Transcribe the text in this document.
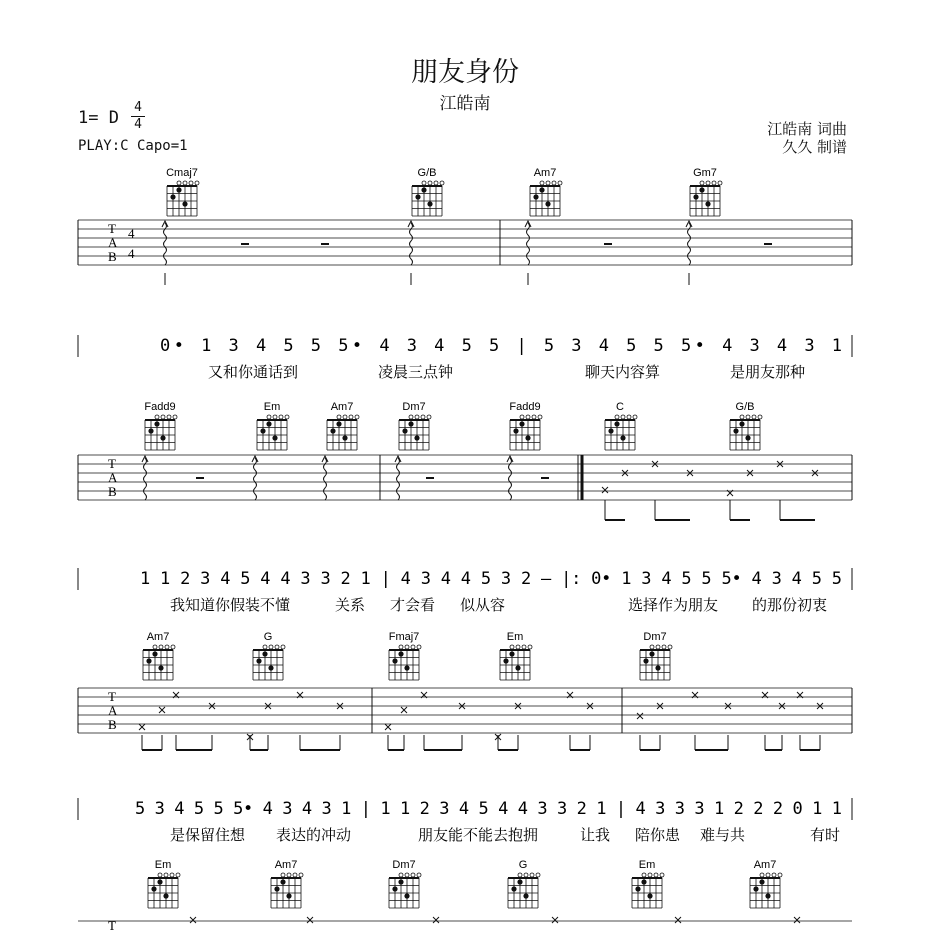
朋友身份
江皓南
1= D
4
4
PLAY:C Capo=1
江皓南 词曲
久久 制谱
Cmaj7	G/B	Am7	Gm7
T
A
B
4
4
0• 1 3 4 5 5 5• 4 3 4 5 5 | 5 3 4 5 5 5• 4 3 4 3 1
又和你通话到	凌晨三点钟	聊天内容算	是朋友那种
Fadd9	Em	Am7	Dm7	Fadd9	C	G/B
T
A
B
1 1 2 3 4 5 4 4 3 3 2 1 | 4 3 4 4 5 3 2 — |: 0• 1 3 4 5 5 5• 4 3 4 5 5
我知道你假装不懂	关系 才会看 似从容	选择作为朋友 的那份初衷
Am7	G	Fmaj7	Em	Dm7
T
A
B
5 3 4 5 5 5• 4 3 4 3 1 | 1 1 2 3 4 5 4 4 3 3 2 1 | 4 3 3 3 1 2 2 2 0 1 1
是保留住想 表达的冲动	朋友能不能去抱拥	让我 陪你患 难与共	有时
Em	Am7	Dm7	G	Em	Am7
T
